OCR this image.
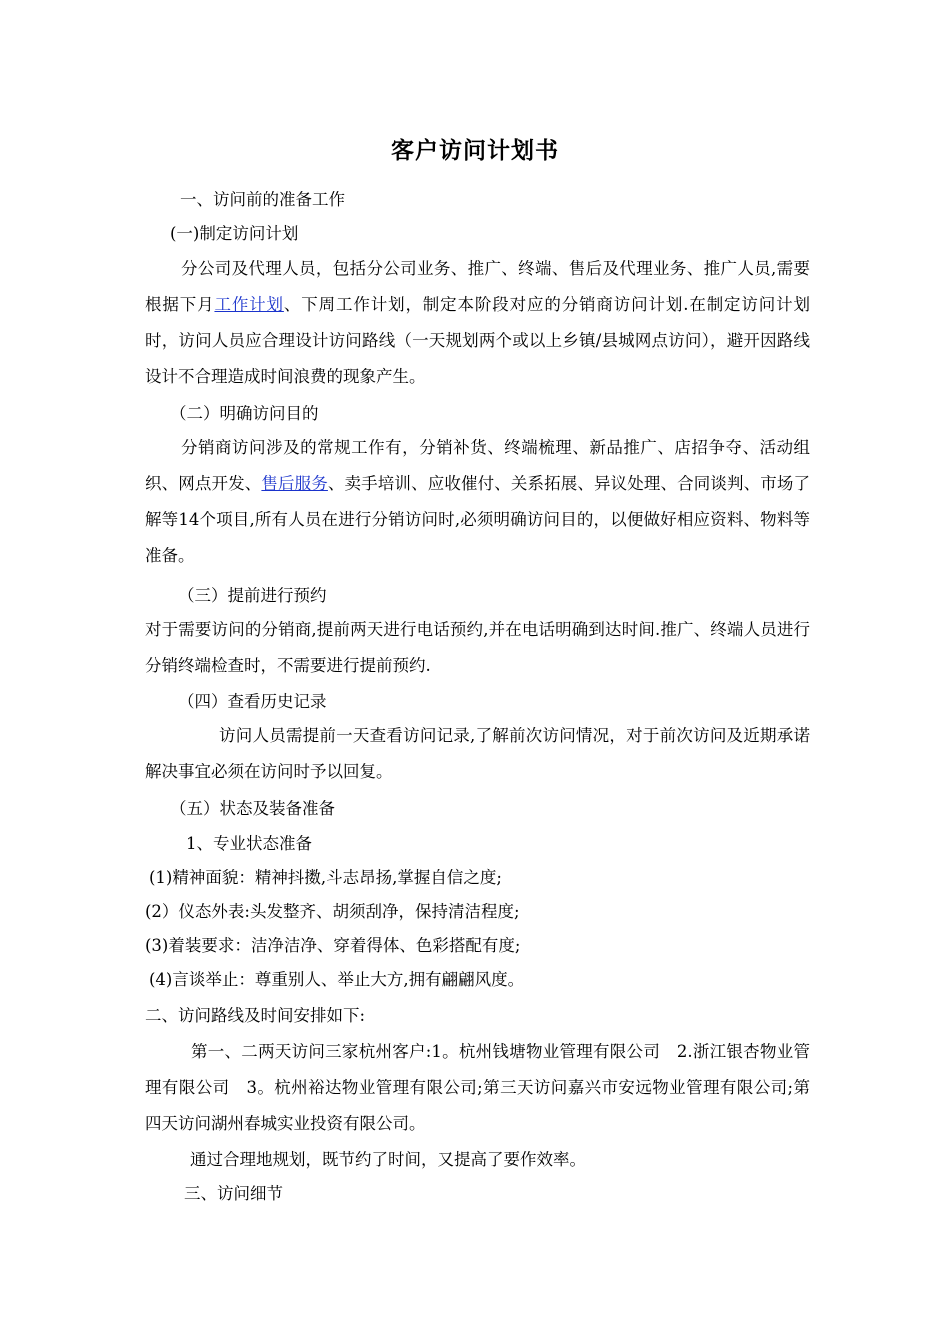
客户访问计划书
一、访问前的准备工作
(一)制定访问计划
分公司及代理人员，包括分公司业务、推广、终端、售后及代理业务、推广人员,需要根据下月工作计划、下周工作计划，制定本阶段对应的分销商访问计划.在制定访问计划时，访问人员应合理设计访问路线（一天规划两个或以上乡镇/县城网点访问），避开因路线设计不合理造成时间浪费的现象产生。
（二）明确访问目的
分销商访问涉及的常规工作有，分销补货、终端梳理、新品推广、店招争夺、活动组织、网点开发、售后服务、卖手培训、应收催付、关系拓展、异议处理、合同谈判、市场了解等14个项目,所有人员在进行分销访问时,必须明确访问目的，以便做好相应资料、物料等准备。
（三）提前进行预约
对于需要访问的分销商,提前两天进行电话预约,并在电话明确到达时间.推广、终端人员进行分销终端检查时，不需要进行提前预约.
（四）查看历史记录
访问人员需提前一天查看访问记录,了解前次访问情况，对于前次访问及近期承诺解决事宜必须在访问时予以回复。
（五）状态及装备准备
1、专业状态准备
(1)精神面貌：精神抖擞,斗志昂扬,掌握自信之度;
(2）仪态外表:头发整齐、胡须刮净，保持清洁程度;
(3)着装要求：洁净洁净、穿着得体、色彩搭配有度;
(4)言谈举止：尊重别人、举止大方,拥有翩翩风度。
二、访问路线及时间安排如下:
第一、二两天访问三家杭州客户:1。杭州钱塘物业管理有限公司　2.浙江银杏物业管理有限公司　3。杭州裕达物业管理有限公司;第三天访问嘉兴市安远物业管理有限公司;第四天访问湖州春城实业投资有限公司。
通过合理地规划，既节约了时间，又提高了要作效率。
三、访问细节
